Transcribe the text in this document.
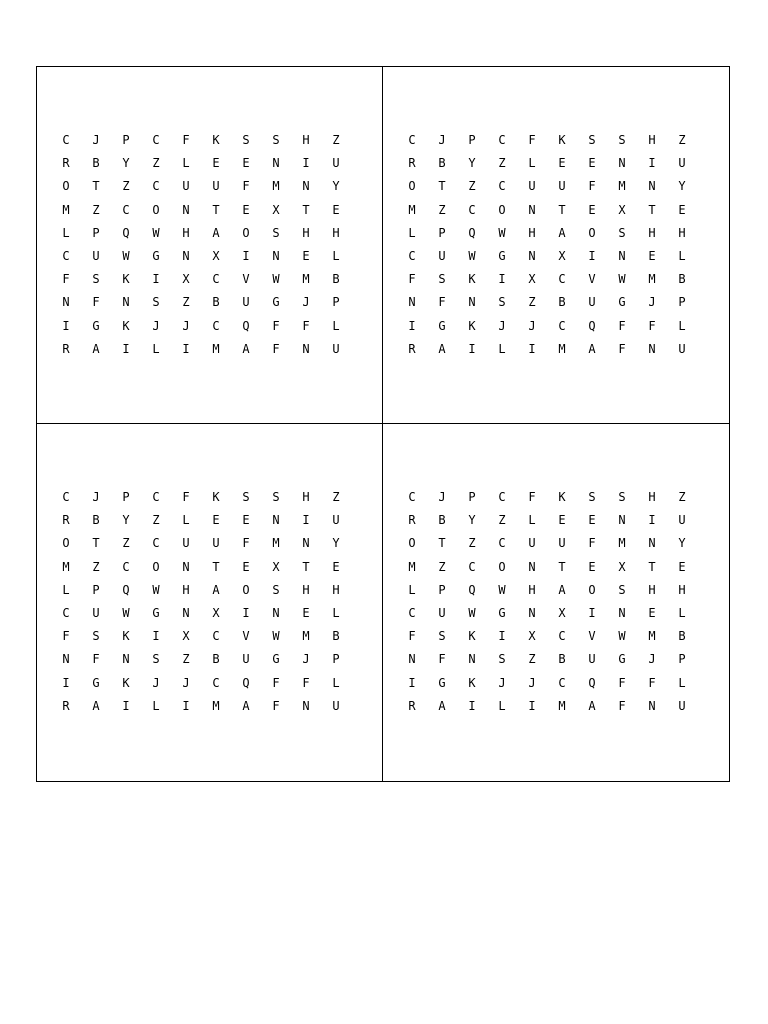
C J P C F K S S H Z
R B Y Z L E E N I U
O T Z C U U F M N Y
M Z C O N T E X T E
L P Q W H A O S H H
C U W G N X I N E L
F S K I X C V W M B
N F N S Z B U G J P
I G K J J C Q F F L
R A I L I M A F N U
C J P C F K S S H Z
R B Y Z L E E N I U
O T Z C U U F M N Y
M Z C O N T E X T E
L P Q W H A O S H H
C U W G N X I N E L
F S K I X C V W M B
N F N S Z B U G J P
I G K J J C Q F F L
R A I L I M A F N U
C J P C F K S S H Z
R B Y Z L E E N I U
O T Z C U U F M N Y
M Z C O N T E X T E
L P Q W H A O S H H
C U W G N X I N E L
F S K I X C V W M B
N F N S Z B U G J P
I G K J J C Q F F L
R A I L I M A F N U
C J P C F K S S H Z
R B Y Z L E E N I U
O T Z C U U F M N Y
M Z C O N T E X T E
L P Q W H A O S H H
C U W G N X I N E L
F S K I X C V W M B
N F N S Z B U G J P
I G K J J C Q F F L
R A I L I M A F N U
